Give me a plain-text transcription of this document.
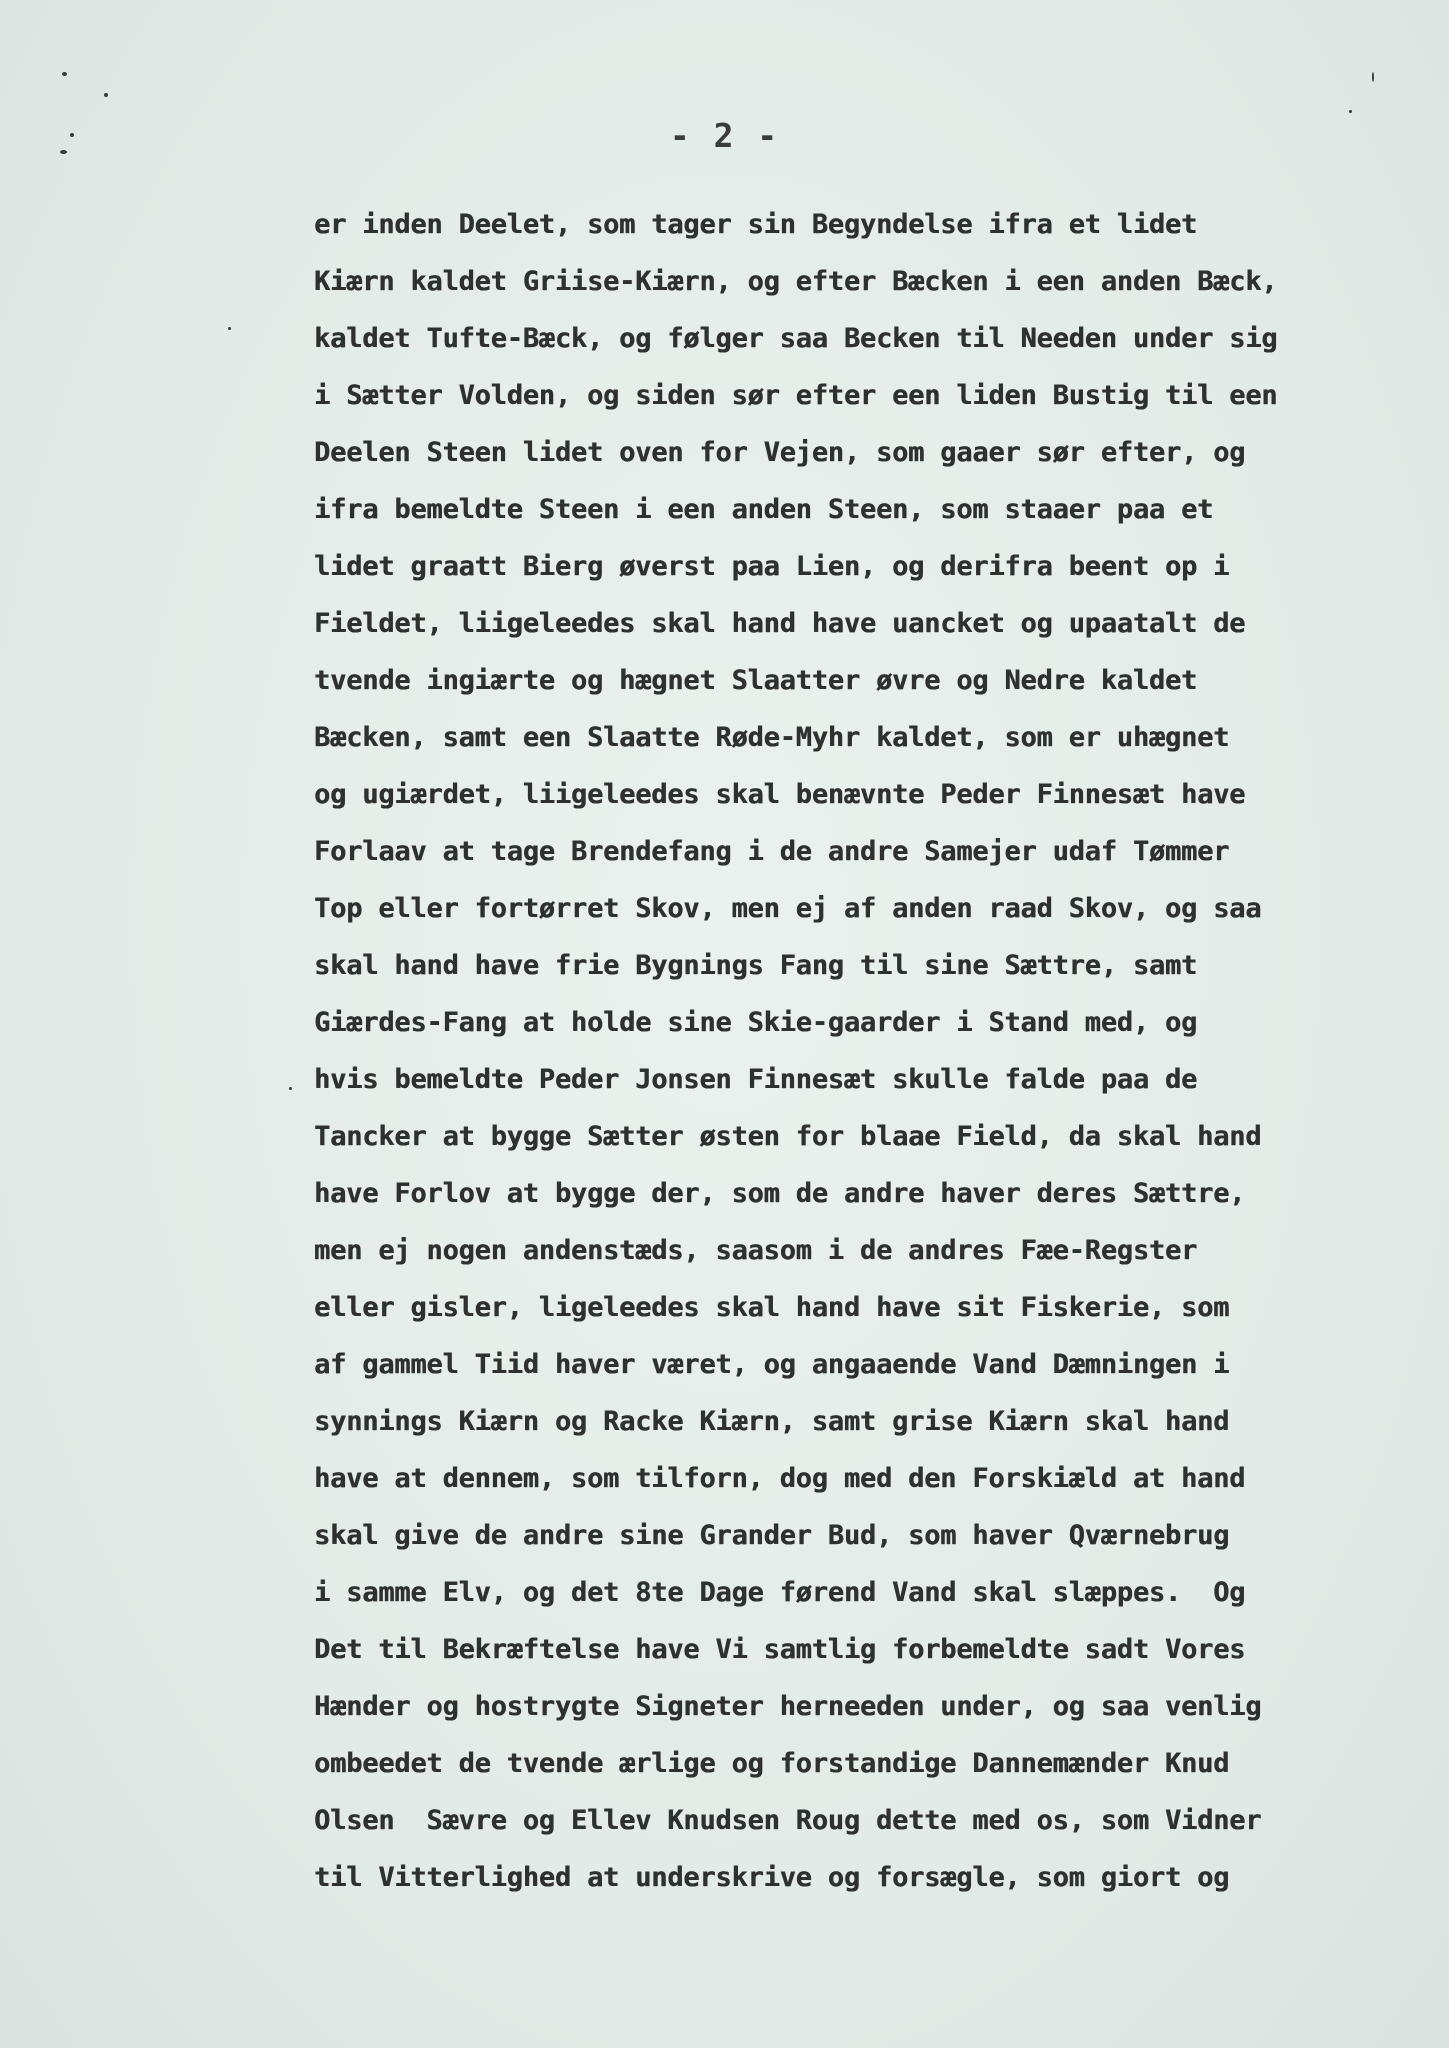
- 2 -
er inden Deelet, som tager sin Begyndelse ifra et lidet
Kiærn kaldet Griise-Kiærn, og efter Bæcken i een anden Bæck,
kaldet Tufte-Bæck, og følger saa Becken til Needen under sig
i Sætter Volden, og siden sør efter een liden Bustig til een
Deelen Steen lidet oven for Vejen, som gaaer sør efter, og
ifra bemeldte Steen i een anden Steen, som staaer paa et
lidet graatt Bierg øverst paa Lien, og derifra beent op i
Fieldet, liigeleedes skal hand have uancket og upaatalt de
tvende ingiærte og hægnet Slaatter øvre og Nedre kaldet
Bæcken, samt een Slaatte Røde-Myhr kaldet, som er uhægnet
og ugiærdet, liigeleedes skal benævnte Peder Finnesæt have
Forlaav at tage Brendefang i de andre Samejer udaf Tømmer
Top eller fortørret Skov, men ej af anden raad Skov, og saa
skal hand have frie Bygnings Fang til sine Sættre, samt
Giærdes-Fang at holde sine Skie-gaarder i Stand med, og
hvis bemeldte Peder Jonsen Finnesæt skulle falde paa de
Tancker at bygge Sætter østen for blaae Field, da skal hand
have Forlov at bygge der, som de andre haver deres Sættre,
men ej nogen andenstæds, saasom i de andres Fæe-Regster
eller gisler, ligeleedes skal hand have sit Fiskerie, som
af gammel Tiid haver været, og angaaende Vand Dæmningen i
synnings Kiærn og Racke Kiærn, samt grise Kiærn skal hand
have at dennem, som tilforn, dog med den Forskiæld at hand
skal give de andre sine Grander Bud, som haver Qværnebrug
i samme Elv, og det 8te Dage førend Vand skal slæppes.  Og
Det til Bekræftelse have Vi samtlig forbemeldte sadt Vores
Hænder og hostrygte Signeter herneeden under, og saa venlig
ombeedet de tvende ærlige og forstandige Dannemænder Knud
Olsen  Sævre og Ellev Knudsen Roug dette med os, som Vidner
til Vitterlighed at underskrive og forsægle, som giort og
